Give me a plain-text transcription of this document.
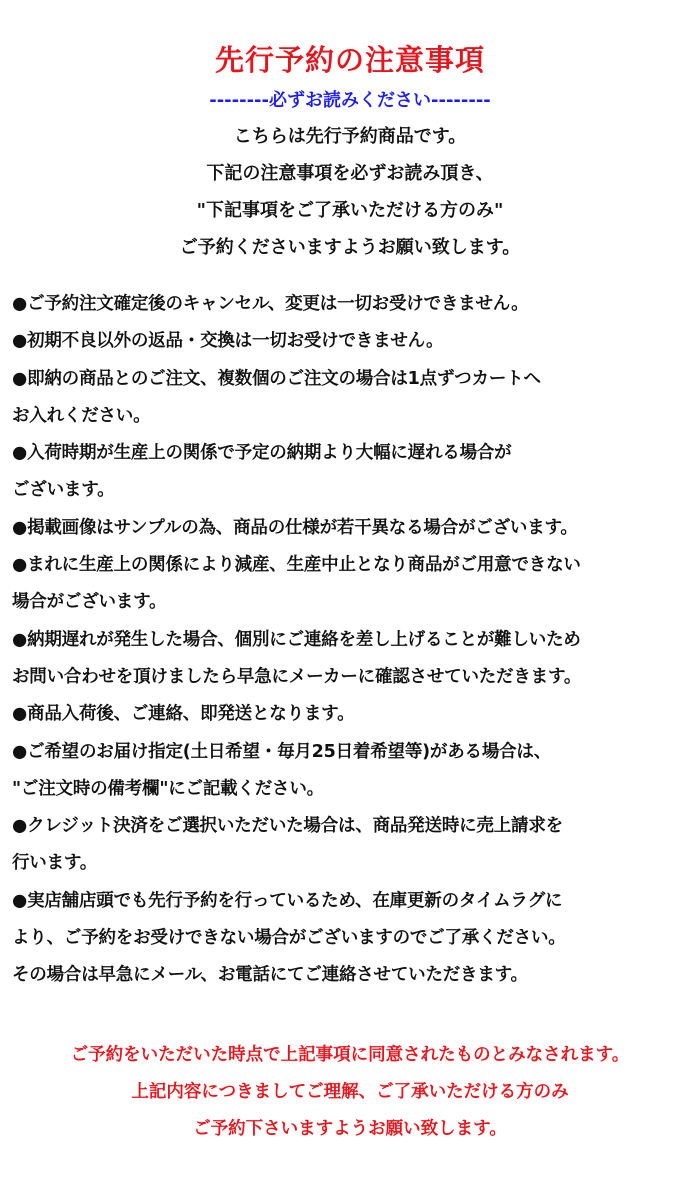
先行予約の注意事項
--------必ずお読みください--------
こちらは先行予約商品です。
下記の注意事項を必ずお読み頂き、
"下記事項をご了承いただける方のみ"
ご予約くださいますようお願い致します。
●ご予約注文確定後のキャンセル、変更は一切お受けできません。
●初期不良以外の返品・交換は一切お受けできません。
●即納の商品とのご注文、複数個のご注文の場合は1点ずつカートへ
お入れください。
●入荷時期が生産上の関係で予定の納期より大幅に遅れる場合が
ございます。
●掲載画像はサンプルの為、商品の仕様が若干異なる場合がございます。
●まれに生産上の関係により減産、生産中止となり商品がご用意できない
場合がございます。
●納期遅れが発生した場合、個別にご連絡を差し上げることが難しいため
お問い合わせを頂けましたら早急にメーカーに確認させていただきます。
●商品入荷後、ご連絡、即発送となります。
●ご希望のお届け指定(土日希望・毎月25日着希望等)がある場合は、
"ご注文時の備考欄"にご記載ください。
●クレジット決済をご選択いただいた場合は、商品発送時に売上請求を
行います。
●実店舗店頭でも先行予約を行っているため、在庫更新のタイムラグに
より、ご予約をお受けできない場合がございますのでご了承ください。
その場合は早急にメール、お電話にてご連絡させていただきます。
ご予約をいただいた時点で上記事項に同意されたものとみなされます。
上記内容につきましてご理解、ご了承いただける方のみ
ご予約下さいますようお願い致します。
